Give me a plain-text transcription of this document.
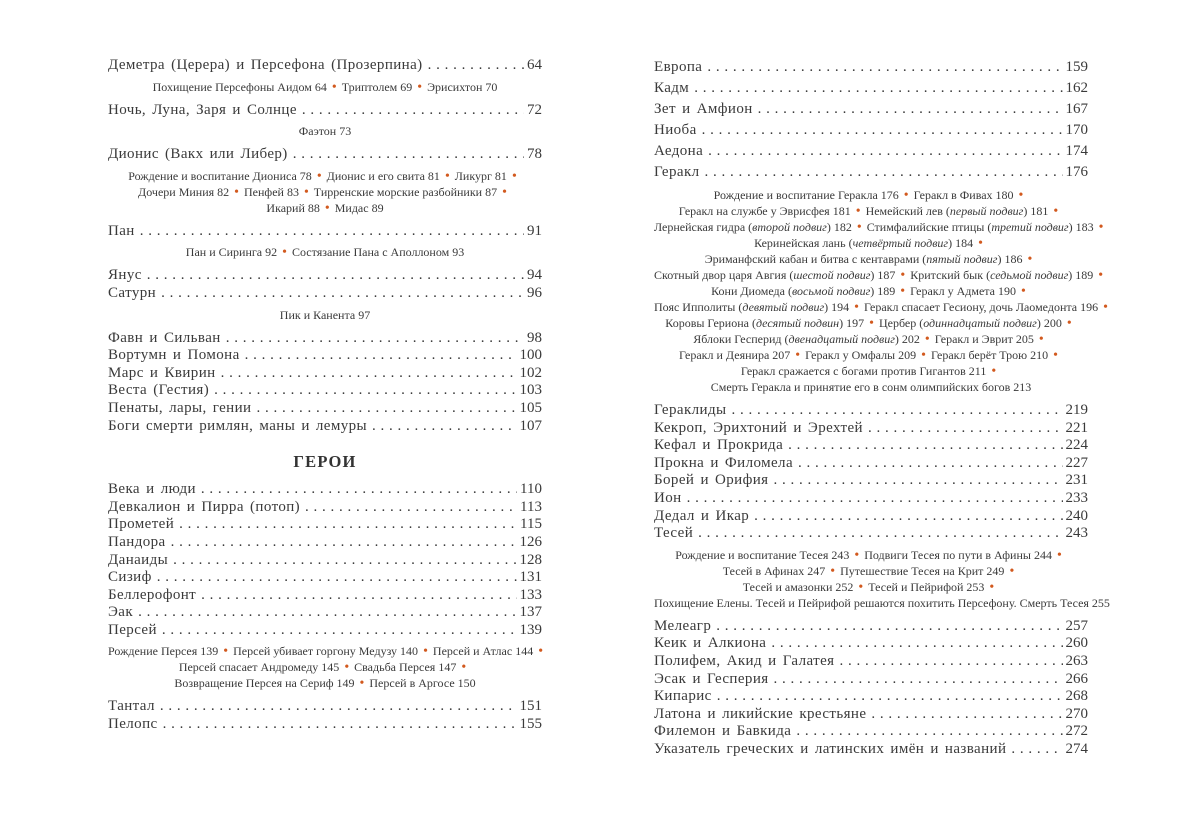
Деметра (Церера) и Персефона (Прозерпина) . . .	64
Похищение Персефоны Аидом 64 • Триптолем 69 • Эрисихтон 70
Ночь, Луна, Заря и Солнце . . .	72
Фаэтон 73
Дионис (Вакх или Либер) . . .	78
Рождение и воспитание Диониса 78 • Дионис и его свита 81 • Ликург 81 •
Дочери Миния 82 • Пенфей 83 • Тирренские морские разбойники 87 •
Икарий 88 • Мидас 89
Пан . . .	91
Пан и Сиринга 92 • Состязание Пана с Аполлоном 93
Янус . . .	94
Сатурн . . .	96
Пик и Канента 97
Фавн и Сильван . . .	98
Вортумн и Помона . . .	100
Марс и Квирин . . .	102
Веста (Гестия) . . .	103
Пенаты, лары, гении . . .	105
Боги смерти римлян, маны и лемуры . . .	107
ГЕРОИ
Века и люди . . .	110
Девкалион и Пирра (потоп) . . .	113
Прометей . . .	115
Пандора . . .	126
Данаиды . . .	128
Сизиф . . .	131
Беллерофонт . . .	133
Эак . . .	137
Персей . . .	139
Рождение Персея 139 • Персей убивает горгону Медузу 140 • Персей и Атлас 144 •
Персей спасает Андромеду 145 • Свадьба Персея 147 •
Возвращение Персея на Сериф 149 • Персей в Аргосе 150
Тантал . . .	151
Пелопс . . .	155
Европа . . .	159
Кадм . . .	162
Зет и Амфион . . .	167
Ниоба . . .	170
Аедона . . .	174
Геракл . . .	176
Рождение и воспитание Геракла 176 • Геракл в Фивах 180 •
Геракл на службе у Эврисфея 181 • Немейский лев (первый подвиг) 181 •
Лернейская гидра (второй подвиг) 182 • Стимфалийские птицы (третий подвиг) 183 •
Керинейская лань (четвёртый подвиг) 184 •
Эриманфский кабан и битва с кентаврами (пятый подвиг) 186 •
Скотный двор царя Авгия (шестой подвиг) 187 • Критский бык (седьмой подвиг) 189 •
Кони Диомеда (восьмой подвиг) 189 • Геракл у Адмета 190 •
Пояс Ипполиты (девятый подвиг) 194 • Геракл спасает Гесиону, дочь Лаомедонта 196 •
Коровы Гериона (десятый подвин) 197 • Цербер (одиннадцатый подвиг) 200 •
Яблоки Гесперид (двенадцатый подвиг) 202 • Геракл и Эврит 205 •
Геракл и Деянира 207 • Геракл у Омфалы 209 • Геракл берёт Трою 210 •
Геракл сражается с богами против Гигантов 211 •
Смерть Геракла и принятие его в сонм олимпийских богов 213
Гераклиды . . .	219
Кекроп, Эрихтоний и Эрехтей . . .	221
Кефал и Прокрида . . .	224
Прокна и Филомела . . .	227
Борей и Орифия . . .	231
Ион . . .	233
Дедал и Икар . . .	240
Тесей . . .	243
Рождение и воспитание Тесея 243 • Подвиги Тесея по пути в Афины 244 •
Тесей в Афинах 247 • Путешествие Тесея на Крит 249 •
Тесей и амазонки 252 • Тесей и Пейрифой 253 •
Похищение Елены. Тесей и Пейрифой решаются похитить Персефону. Смерть Тесея 255
Мелеагр . . .	257
Кеик и Алкиона . . .	260
Полифем, Акид и Галатея . . .	263
Эсак и Гесперия . . .	266
Кипарис . . .	268
Латона и ликийские крестьяне . . .	270
Филемон и Бавкида . . .	272
Указатель греческих и латинских имён и названий . . .	274
